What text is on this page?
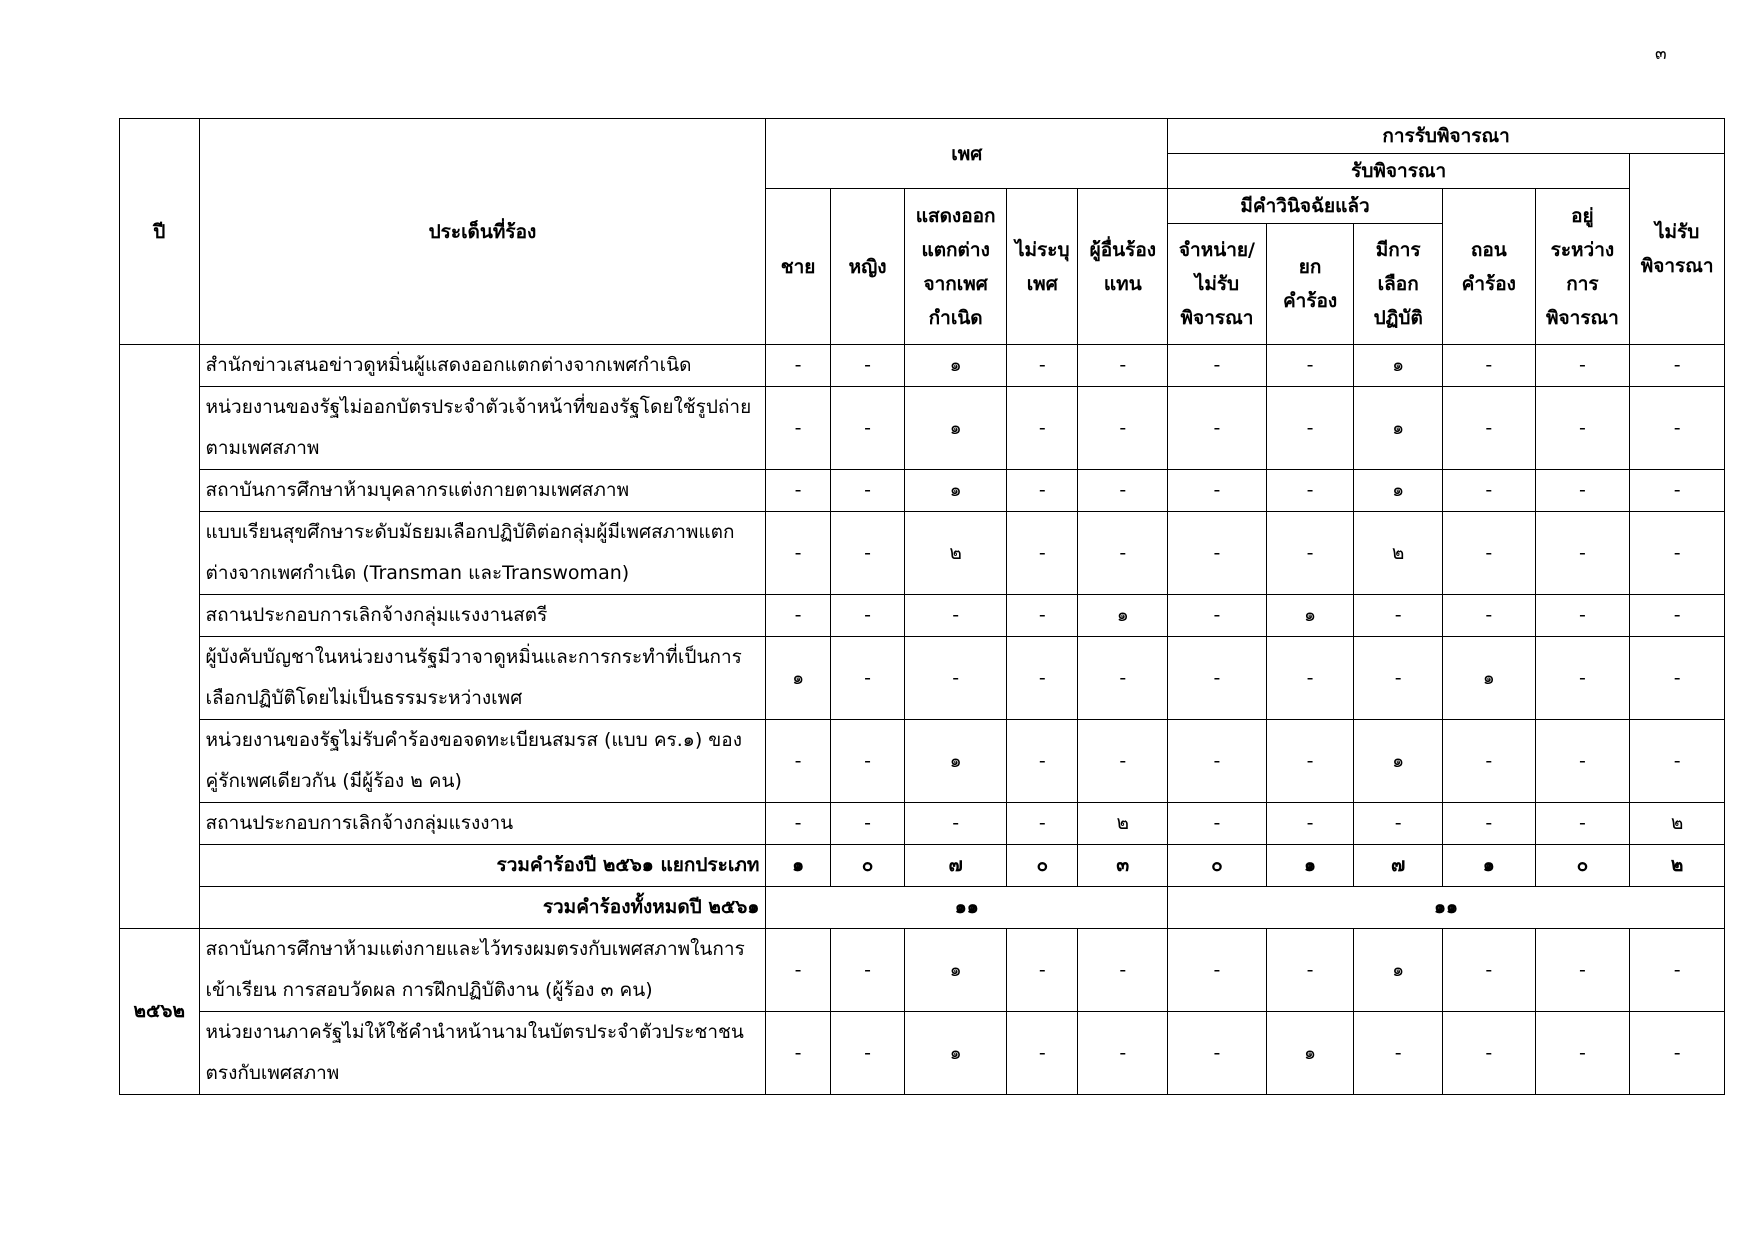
๓
ปี	ประเด็นที่ร้อง	เพศ					การรับพิจารณา					
							รับพิจารณา					ไม่รับพิจารณา
		ชาย	หญิง	แสดงออกแตกต่างจากเพศกำเนิด	ไม่ระบุเพศ	ผู้อื่นร้องแทน	มีคำวินิจฉัยแล้ว			ถอนคำร้อง	อยู่ระหว่างการพิจารณา	
							จำหน่าย/ไม่รับพิจารณา	ยกคำร้อง	มีการเลือกปฏิบัติ			
	สำนักข่าวเสนอข่าวดูหมิ่นผู้แสดงออกแตกต่างจากเพศกำเนิด	-	-	๑	-	-	-	-	๑	-	-	-
	หน่วยงานของรัฐไม่ออกบัตรประจำตัวเจ้าหน้าที่ของรัฐโดยใช้รูปถ่ายตามเพศสภาพ	-	-	๑	-	-	-	-	๑	-	-	-
	สถาบันการศึกษาห้ามบุคลากรแต่งกายตามเพศสภาพ	-	-	๑	-	-	-	-	๑	-	-	-
	แบบเรียนสุขศึกษาระดับมัธยมเลือกปฏิบัติต่อกลุ่มผู้มีเพศสภาพแตกต่างจากเพศกำเนิด (Transman และTranswoman)	-	-	๒	-	-	-	-	๒	-	-	-
	สถานประกอบการเลิกจ้างกลุ่มแรงงานสตรี	-	-	-	-	๑	-	๑	-	-	-	-
	ผู้บังคับบัญชาในหน่วยงานรัฐมีวาจาดูหมิ่นและการกระทำที่เป็นการเลือกปฏิบัติโดยไม่เป็นธรรมระหว่างเพศ	๑	-	-	-	-	-	-	-	๑	-	-
	หน่วยงานของรัฐไม่รับคำร้องขอจดทะเบียนสมรส (แบบ คร.๑) ของคู่รักเพศเดียวกัน (มีผู้ร้อง ๒ คน)	-	-	๑	-	-	-	-	๑	-	-	-
	สถานประกอบการเลิกจ้างกลุ่มแรงงาน	-	-	-	-	๒	-	-	-	-	-	๒
	รวมคำร้องปี ๒๕๖๑ แยกประเภท	๑	๐	๗	๐	๓	๐	๑	๗	๑	๐	๒
	รวมคำร้องทั้งหมดปี ๒๕๖๑	๑๑					๑๑					
๒๕๖๒	สถาบันการศึกษาห้ามแต่งกายและไว้ทรงผมตรงกับเพศสภาพในการเข้าเรียน การสอบวัดผล การฝึกปฏิบัติงาน (ผู้ร้อง ๓ คน)	-	-	๑	-	-	-	-	๑	-	-	-
	หน่วยงานภาครัฐไม่ให้ใช้คำนำหน้านามในบัตรประจำตัวประชาชนตรงกับเพศสภาพ	-	-	๑	-	-	-	๑	-	-	-	-
